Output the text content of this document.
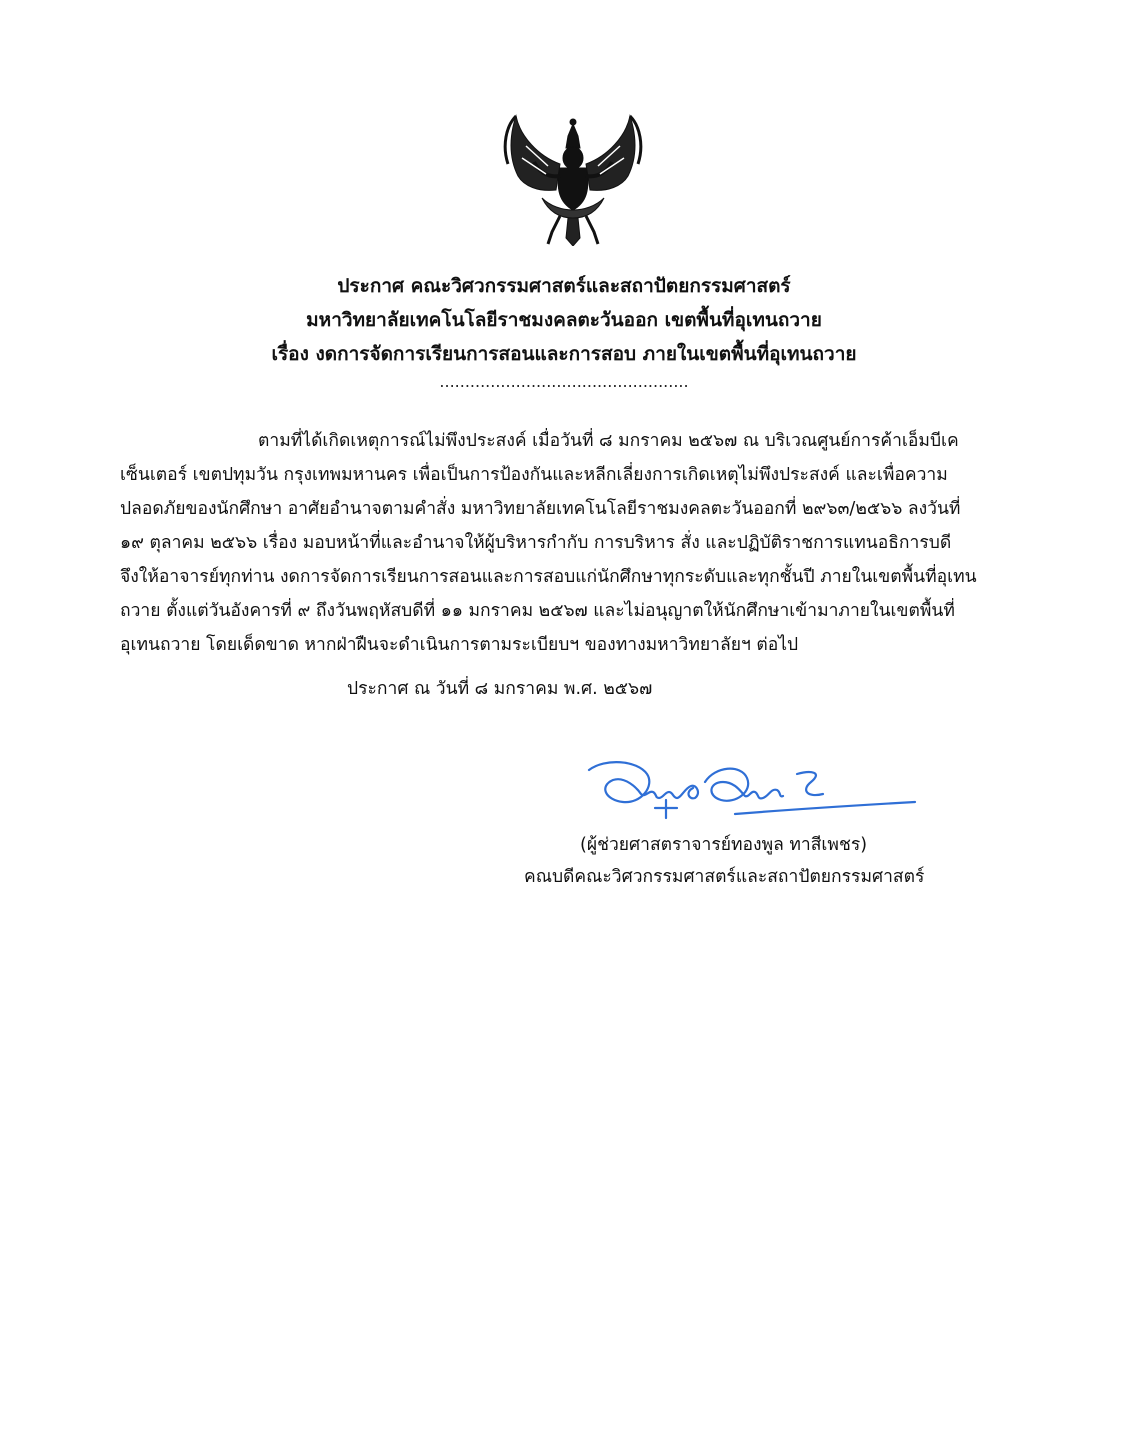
ประกาศ คณะวิศวกรรมศาสตร์และสถาปัตยกรรมศาสตร์
มหาวิทยาลัยเทคโนโลยีราชมงคลตะวันออก เขตพื้นที่อุเทนถวาย
เรื่อง งดการจัดการเรียนการสอนและการสอบ ภายในเขตพื้นที่อุเทนถวาย
.................................................
ตามที่ได้เกิดเหตุการณ์ไม่พึงประสงค์ เมื่อวันที่ ๘ มกราคม ๒๕๖๗ ณ บริเวณศูนย์การค้าเอ็มบีเค
เซ็นเตอร์ เขตปทุมวัน กรุงเทพมหานคร เพื่อเป็นการป้องกันและหลีกเลี่ยงการเกิดเหตุไม่พึงประสงค์ และเพื่อความ
ปลอดภัยของนักศึกษา อาศัยอำนาจตามคำสั่ง มหาวิทยาลัยเทคโนโลยีราชมงคลตะวันออกที่ ๒๙๖๓/๒๕๖๖ ลงวันที่
๑๙ ตุลาคม ๒๕๖๖ เรื่อง มอบหน้าที่และอำนาจให้ผู้บริหารกำกับ การบริหาร สั่ง และปฏิบัติราชการแทนอธิการบดี
จึงให้อาจารย์ทุกท่าน งดการจัดการเรียนการสอนและการสอบแก่นักศึกษาทุกระดับและทุกชั้นปี ภายในเขตพื้นที่อุเทน
ถวาย ตั้งแต่วันอังคารที่ ๙ ถึงวันพฤหัสบดีที่ ๑๑ มกราคม ๒๕๖๗ และไม่อนุญาตให้นักศึกษาเข้ามาภายในเขตพื้นที่
อุเทนถวาย โดยเด็ดขาด หากฝ่าฝืนจะดำเนินการตามระเบียบฯ ของทางมหาวิทยาลัยฯ ต่อไป
ประกาศ ณ วันที่ ๘ มกราคม พ.ศ. ๒๕๖๗
(ผู้ช่วยศาสตราจารย์ทองพูล ทาสีเพชร)
คณบดีคณะวิศวกรรมศาสตร์และสถาปัตยกรรมศาสตร์
